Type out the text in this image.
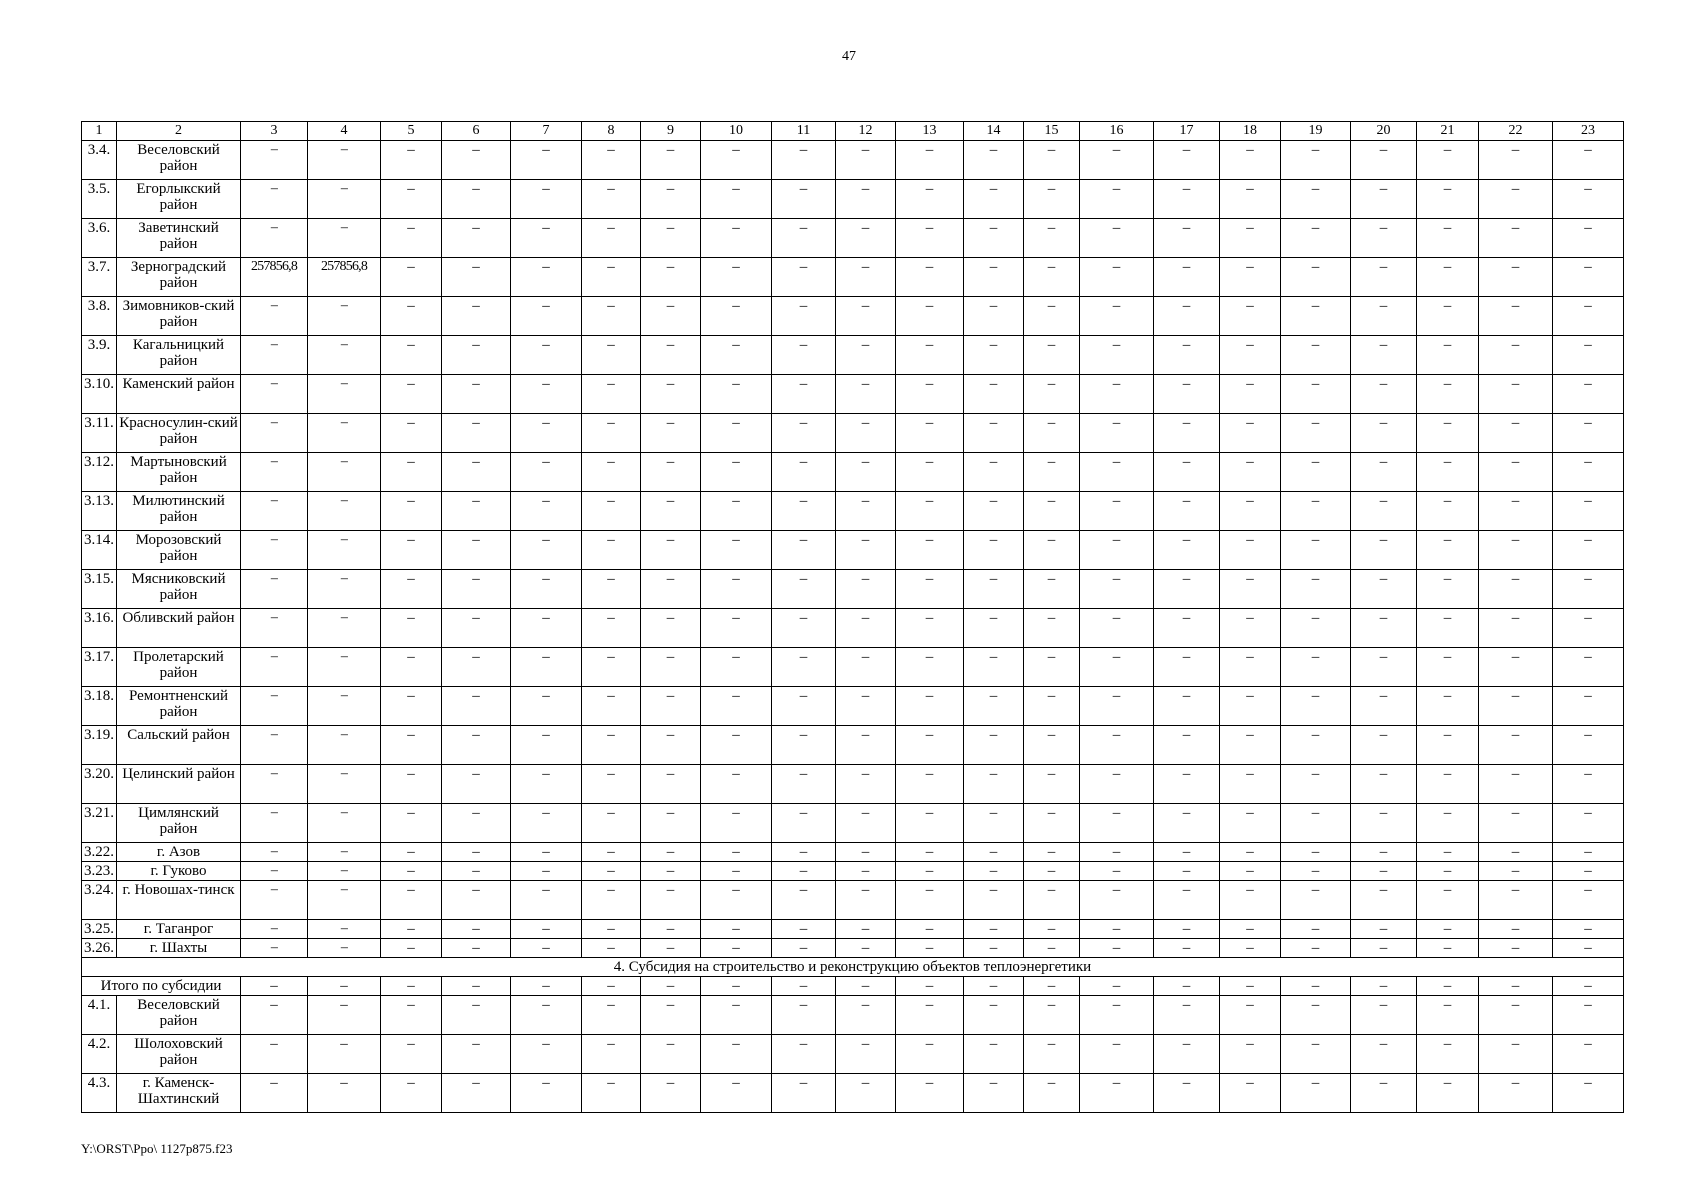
47
1	2	3	4	5	6	7	8	9	10	11	12	13	14	15	16	17	18	19	20	21	22	23
3.4.	Веселовский район	–	–	–	–	–	–	–	–	–	–	–	–	–	–	–	–	–	–	–	–	–
3.5.	Егорлыкский район	–	–	–	–	–	–	–	–	–	–	–	–	–	–	–	–	–	–	–	–	–
3.6.	Заветинский район	–	–	–	–	–	–	–	–	–	–	–	–	–	–	–	–	–	–	–	–	–
3.7.	Зерноградский район	257856,8	257856,8	–	–	–	–	–	–	–	–	–	–	–	–	–	–	–	–	–	–	–
3.8.	Зимовников-ский район	–	–	–	–	–	–	–	–	–	–	–	–	–	–	–	–	–	–	–	–	–
3.9.	Кагальницкий район	–	–	–	–	–	–	–	–	–	–	–	–	–	–	–	–	–	–	–	–	–
3.10.	Каменский район	–	–	–	–	–	–	–	–	–	–	–	–	–	–	–	–	–	–	–	–	–
3.11.	Красносулин-ский район	–	–	–	–	–	–	–	–	–	–	–	–	–	–	–	–	–	–	–	–	–
3.12.	Мартыновский район	–	–	–	–	–	–	–	–	–	–	–	–	–	–	–	–	–	–	–	–	–
3.13.	Милютинский район	–	–	–	–	–	–	–	–	–	–	–	–	–	–	–	–	–	–	–	–	–
3.14.	Морозовский район	–	–	–	–	–	–	–	–	–	–	–	–	–	–	–	–	–	–	–	–	–
3.15.	Мясниковский район	–	–	–	–	–	–	–	–	–	–	–	–	–	–	–	–	–	–	–	–	–
3.16.	Обливский район	–	–	–	–	–	–	–	–	–	–	–	–	–	–	–	–	–	–	–	–	–
3.17.	Пролетарский район	–	–	–	–	–	–	–	–	–	–	–	–	–	–	–	–	–	–	–	–	–
3.18.	Ремонтненский район	–	–	–	–	–	–	–	–	–	–	–	–	–	–	–	–	–	–	–	–	–
3.19.	Сальский район	–	–	–	–	–	–	–	–	–	–	–	–	–	–	–	–	–	–	–	–	–
3.20.	Целинский район	–	–	–	–	–	–	–	–	–	–	–	–	–	–	–	–	–	–	–	–	–
3.21.	Цимлянский район	–	–	–	–	–	–	–	–	–	–	–	–	–	–	–	–	–	–	–	–	–
3.22.	г. Азов	–	–	–	–	–	–	–	–	–	–	–	–	–	–	–	–	–	–	–	–	–
3.23.	г. Гуково	–	–	–	–	–	–	–	–	–	–	–	–	–	–	–	–	–	–	–	–	–
3.24.	г. Новошах-тинск	–	–	–	–	–	–	–	–	–	–	–	–	–	–	–	–	–	–	–	–	–
3.25.	г. Таганрог	–	–	–	–	–	–	–	–	–	–	–	–	–	–	–	–	–	–	–	–	–
3.26.	г. Шахты	–	–	–	–	–	–	–	–	–	–	–	–	–	–	–	–	–	–	–	–	–
4. Субсидия на строительство и реконструкцию объектов теплоэнергетики																						
Итого по субсидии		–	–	–	–	–	–	–	–	–	–	–	–	–	–	–	–	–	–	–	–	–
4.1.	Веселовский район	–	–	–	–	–	–	–	–	–	–	–	–	–	–	–	–	–	–	–	–	–
4.2.	Шолоховский район	–	–	–	–	–	–	–	–	–	–	–	–	–	–	–	–	–	–	–	–	–
4.3.	г. Каменск-Шахтинский	–	–	–	–	–	–	–	–	–	–	–	–	–	–	–	–	–	–	–	–	–
Y:\ORST\Ppo\ 1127p875.f23
